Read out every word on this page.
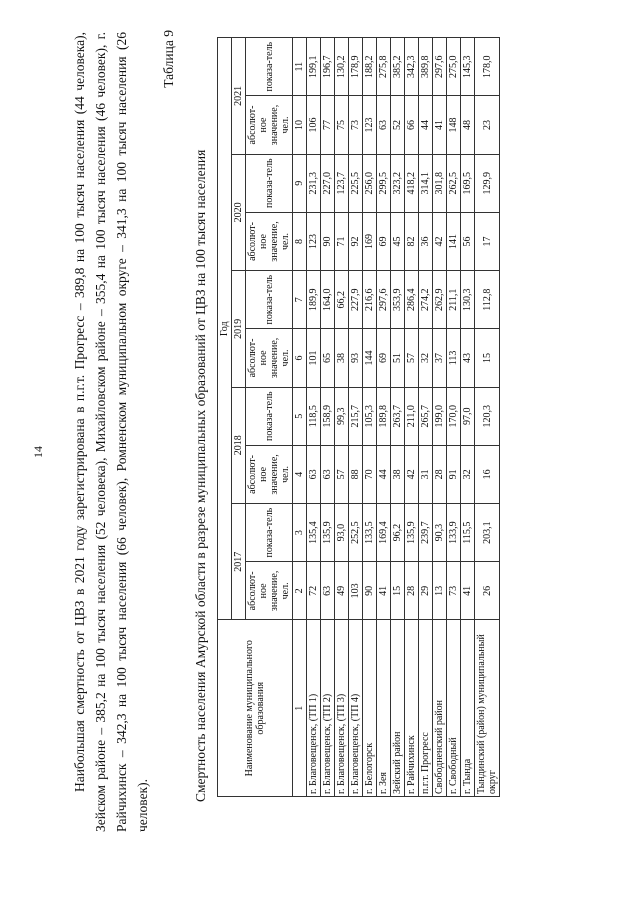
14 Наибольшая смертность от ЦВЗ в 2021 году зарегистрирована в п.г.т. Прогресс – 389,8 на 100 тысяч населения (44 человека), Зейском районе – 385,2 на 100 тысяч населения (52 человека), Михайловском районе – 355,4 на 100 тысяч населения (46 человек), г. Райчихинск – 342,3 на 100 тысяч населения (66 человек), Ромненском муниципальном округе – 341,3 на 100 тысяч населения (26 человек).
Таблица 9
Смертность населения Амурской области в разрезе муниципальных образований от ЦВЗ на 100 тысяч населения	Наименование муниципального образования	Год									
	2017		2018		2019		2020		2021	
	абсолют-ное значение, чел.	показа-тель	абсолют-ное значение, чел.	показа-тель	абсолют-ное значение, чел.	показа-тель	абсолют-ное значение, чел.	показа-тель	абсолют-ное значение, чел.	показа-тель
1	2	3	4	5	6	7	8	9	10	11
г. Благовещенск, (ТП 1)	72	135,4	63	118,5	101	189,9	123	231,3	106	199,1
г. Благовещенск, (ТП 2)	63	135,9	63	158,9	65	164,0	90	227,0	77	196,7
г. Благовещенск, (ТП 3)	49	93,0	57	99,3	38	66,2	71	123,7	75	130,2
г. Благовещенск, (ТП 4)	103	252,5	88	215,7	93	227,9	92	225,5	73	178,9
г. Белогорск	90	133,5	70	105,3	144	216,6	169	256,0	123	188,2
г. Зея	41	169,4	44	189,8	69	297,6	69	299,5	63	275,8
Зейский район	15	96,2	38	263,7	51	353,9	45	323,2	52	385,2
г. Райчихинск	28	135,9	42	211,0	57	286,4	82	418,2	66	342,3
п.г.т. Прогресс	29	239,7	31	265,7	32	274,2	36	314,1	44	389,8
Свободненский район	13	90,3	28	199,0	37	262,9	42	301,8	41	297,6
г. Свободный	73	133,9	91	170,0	113	211,1	141	262,5	148	275,0
г. Тында	41	115,5	32	97,0	43	130,3	56	169,5	48	145,3
Тындинский (район) муниципальный округ	26	203,1	16	120,3	15	112,8	17	129,9	23	178,0
